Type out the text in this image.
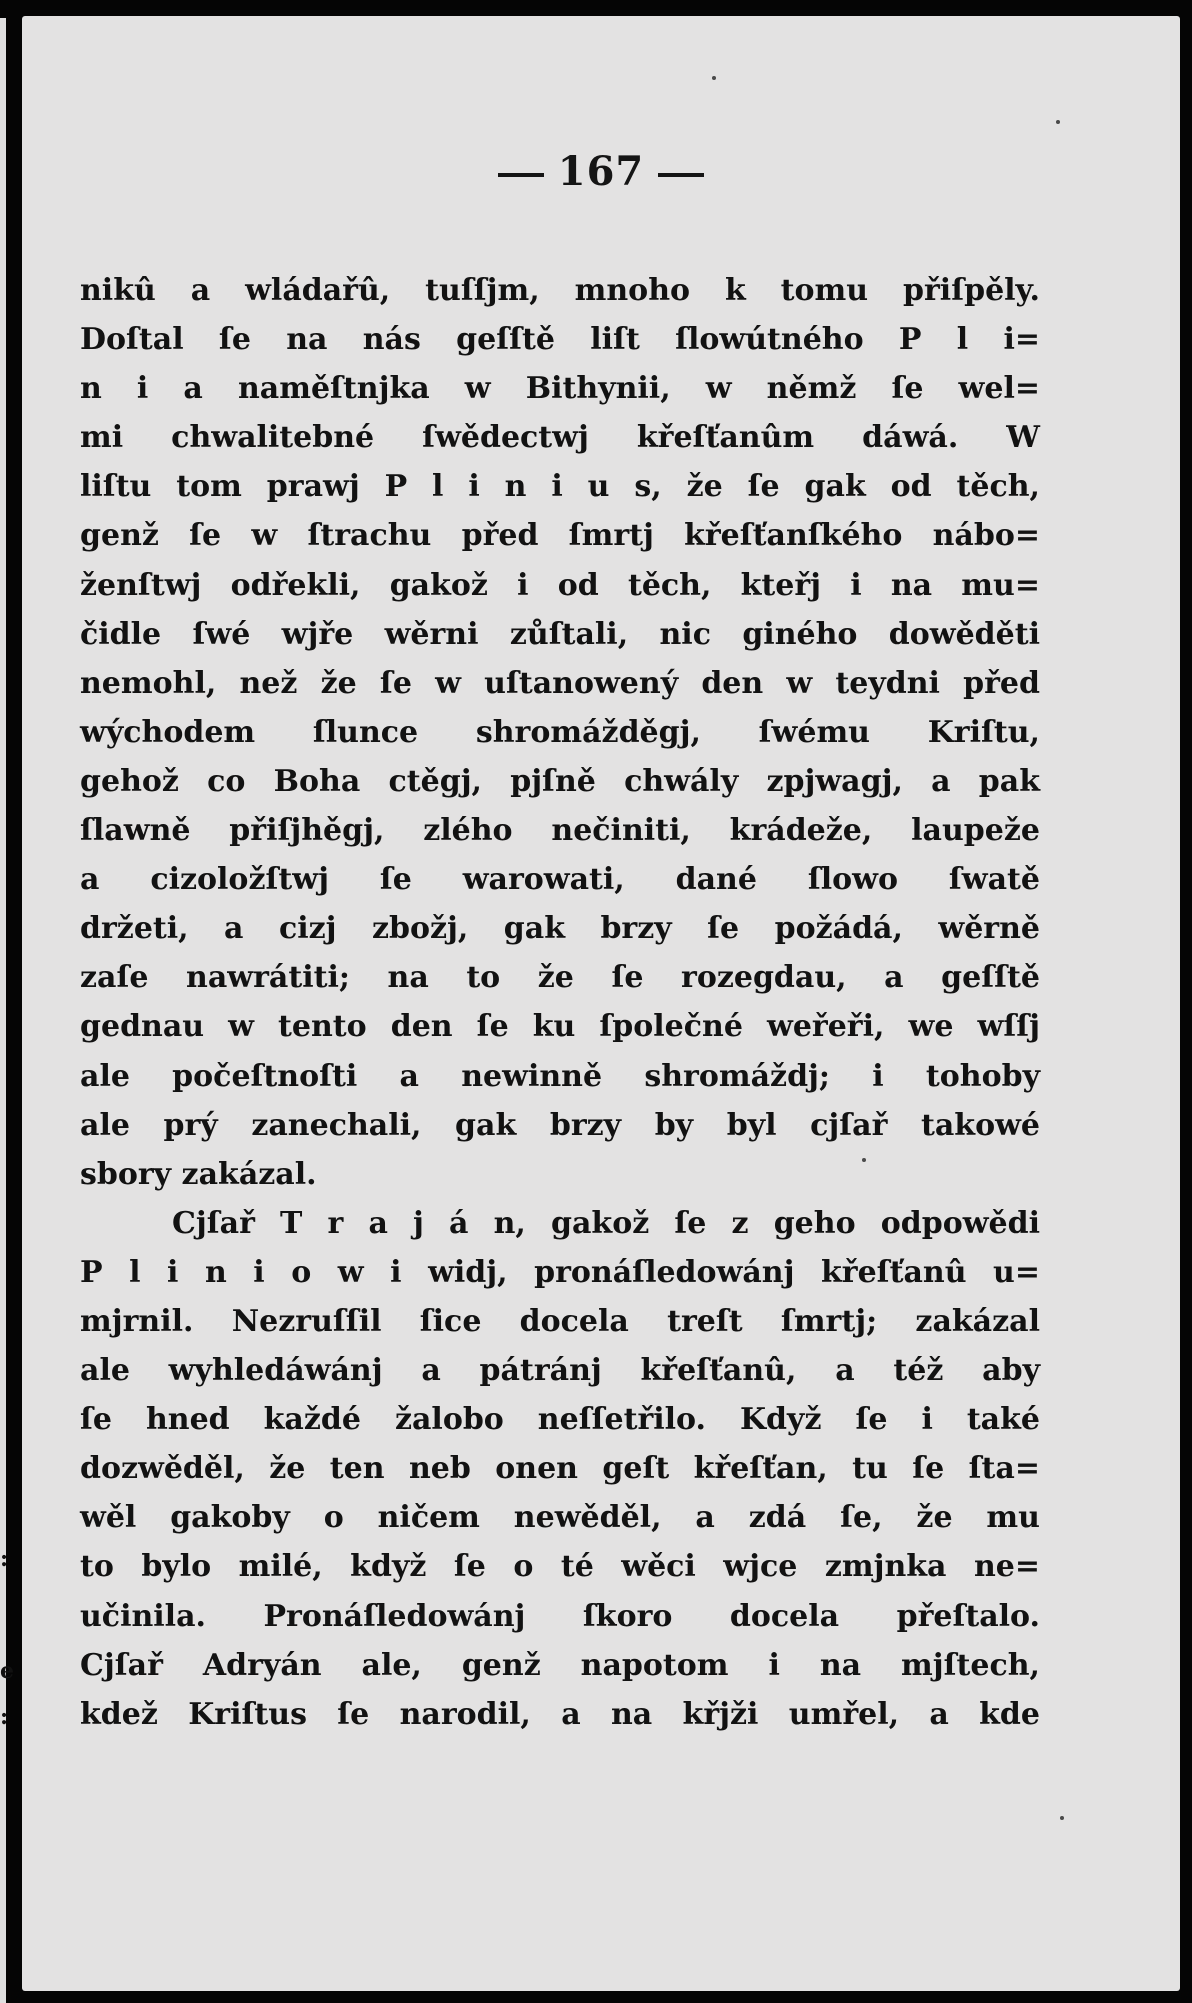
:
e
:
167
nikû a wládařû, tuſſjm, mnoho k tomu přiſpěly.
Doſtal ſe na nás geſſtě liſt ſlowútného P l i=
n i a naměſtnjka w Bithynii, w němž ſe wel=
mi chwalitebné ſwědectwj křeſťanûm dáwá. W
liſtu tom prawj P l i n i u s, že ſe gak od těch,
genž ſe w ſtrachu před ſmrtj křeſťanſkého nábo=
ženſtwj odřekli, gakož i od těch, kteřj i na mu=
čidle ſwé wjře wěrni zůſtali, nic giného dowěděti
nemohl, než že ſe w uſtanowený den w teydni před
wýchodem ſlunce shromážděgj, ſwému Kriſtu,
gehož co Boha ctěgj, pjſně chwály zpjwagj, a pak
ſlawně přiſjhěgj, zlého nečiniti, krádeže, laupeže
a cizoložſtwj ſe warowati, dané ſlowo ſwatě
držeti, a cizj zbožj, gak brzy ſe požádá, wěrně
zaſe nawrátiti; na to že ſe rozegdau, a geſſtě
gednau w tento den ſe ku ſpolečné weřeři, we wſſj
ale počeſtnoſti a newinně shromáždj; i tohoby
ale prý zanechali, gak brzy by byl cjſař takowé
sbory zakázal.
Cjſař T r a j á n, gakož ſe z geho odpowědi
P l i n i o w i widj, pronáſledowánj křeſťanû u=
mjrnil. Nezruſſil ſice docela treſt ſmrtj; zakázal
ale wyhledáwánj a pátránj křeſťanû, a též aby
ſe hned každé žalobo neſſetřilo. Když ſe i také
dozwěděl, že ten neb onen geſt křeſťan, tu ſe ſta=
wěl gakoby o ničem newěděl, a zdá ſe, že mu
to bylo milé, když ſe o té wěci wjce zmjnka ne=
učinila. Pronáſledowánj ſkoro docela přeſtalo.
Cjſař Adryán ale, genž napotom i na mjſtech,
kdež Kriſtus ſe narodil, a na křjži umřel, a kde
